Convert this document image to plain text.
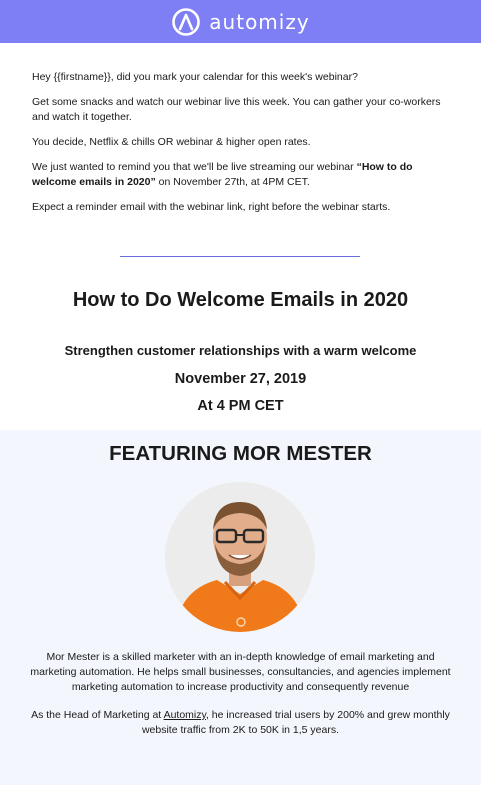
automizy

Hey {{firstname}}, did you mark your calendar for this week's webinar?

Get some snacks and watch our webinar live this week. You can gather your co-workers and watch it together.

You decide, Netflix & chills OR webinar & higher open rates.

We just wanted to remind you that we'll be live streaming our webinar “How to do welcome emails in 2020” on November 27th, at 4PM CET.

Expect a reminder email with the webinar link, right before the webinar starts.

How to Do Welcome Emails in 2020
Strengthen customer relationships with a warm welcome
November 27, 2019
At 4 PM CET
FEATURING MOR MESTER
Mor Mester is a skilled marketer with an in-depth knowledge of email marketing and marketing automation. He helps small businesses, consultancies, and agencies implement marketing automation to increase productivity and consequently revenue
As the Head of Marketing at Automizy, he increased trial users by 200% and grew monthly website traffic from 2K to 50K in 1,5 years.
